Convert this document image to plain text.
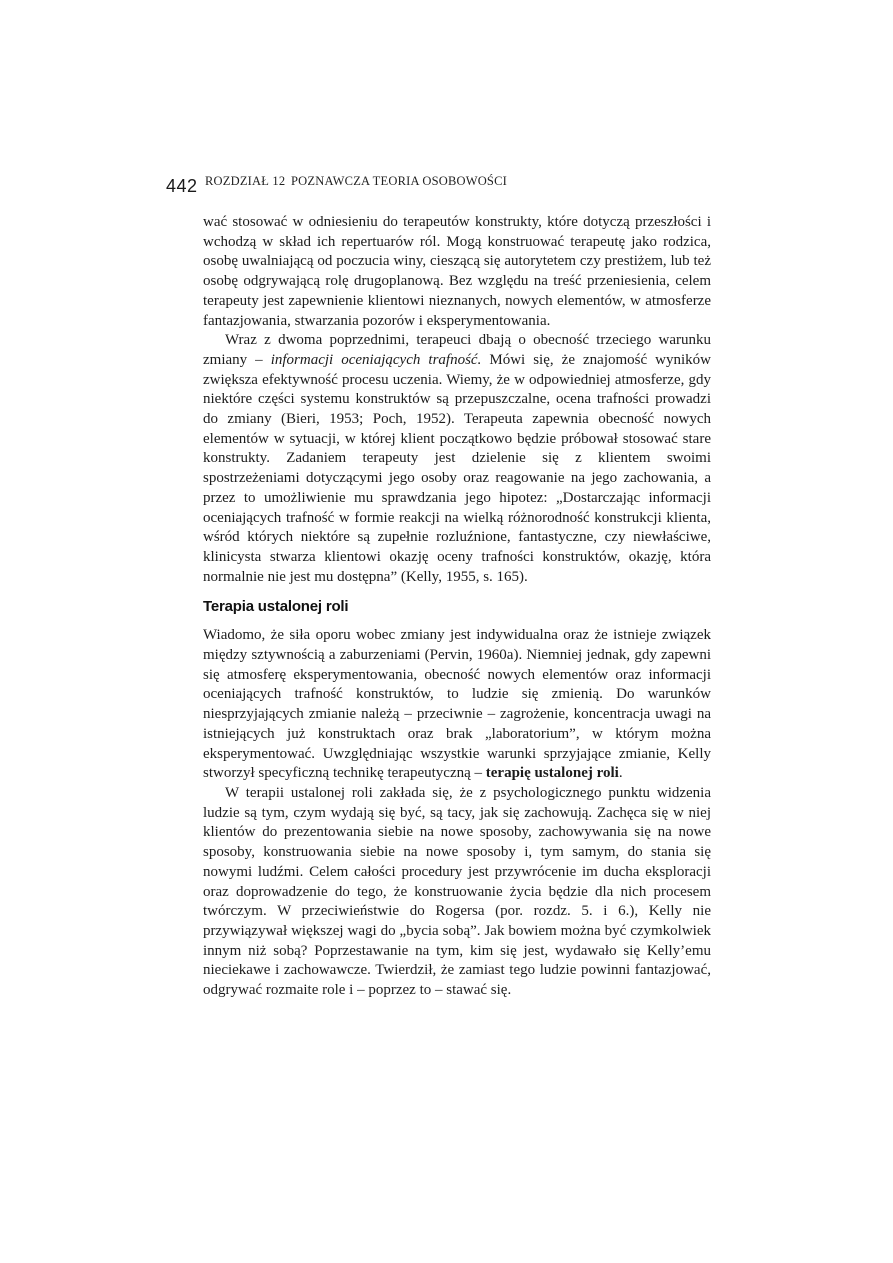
442 ROZDZIAŁ 12 POZNAWCZA TEORIA OSOBOWOŚCI

wać stosować w odniesieniu do terapeutów konstrukty, które dotyczą przeszłości i wchodzą w skład ich repertuarów ról. Mogą konstruować terapeutę jako rodzica, osobę uwalniającą od poczucia winy, cieszącą się autorytetem czy prestiżem, lub też osobę odgrywającą rolę drugoplanową. Bez względu na treść przeniesienia, celem terapeuty jest zapewnienie klientowi nieznanych, nowych elementów, w atmosferze fantazjowania, stwarzania pozorów i eksperymentowania.

Wraz z dwoma poprzednimi, terapeuci dbają o obecność trzeciego warunku zmiany – informacji oceniających trafność. Mówi się, że znajomość wyników zwiększa efektywność procesu uczenia. Wiemy, że w odpowiedniej atmosferze, gdy niektóre części systemu konstruktów są przepuszczalne, ocena trafności prowadzi do zmiany (Bieri, 1953; Poch, 1952). Terapeuta zapewnia obecność nowych elementów w sytuacji, w której klient początkowo będzie próbował stosować stare konstrukty. Zadaniem terapeuty jest dzielenie się z klientem swoimi spostrzeżeniami dotyczącymi jego osoby oraz reagowanie na jego zachowania, a przez to umożliwienie mu sprawdzania jego hipotez: „Dostarczając informacji oceniających trafność w formie reakcji na wielką różnorodność konstrukcji klienta, wśród których niektóre są zupełnie rozluźnione, fantastyczne, czy niewłaściwe, klinicysta stwarza klientowi okazję oceny trafności konstruktów, okazję, która normalnie nie jest mu dostępna” (Kelly, 1955, s. 165).

Terapia ustalonej roli

Wiadomo, że siła oporu wobec zmiany jest indywidualna oraz że istnieje związek między sztywnością a zaburzeniami (Pervin, 1960a). Niemniej jednak, gdy zapewni się atmosferę eksperymentowania, obecność nowych elementów oraz informacji oceniających trafność konstruktów, to ludzie się zmienią. Do warunków niesprzyjających zmianie należą – przeciwnie – zagrożenie, koncentracja uwagi na istniejących już konstruktach oraz brak „laboratorium”, w którym można eksperymentować. Uwzględniając wszystkie warunki sprzyjające zmianie, Kelly stworzył specyficzną technikę terapeutyczną – terapię ustalonej roli.

W terapii ustalonej roli zakłada się, że z psychologicznego punktu widzenia ludzie są tym, czym wydają się być, są tacy, jak się zachowują. Zachęca się w niej klientów do prezentowania siebie na nowe sposoby, zachowywania się na nowe sposoby, konstruowania siebie na nowe sposoby i, tym samym, do stania się nowymi ludźmi. Celem całości procedury jest przywrócenie im ducha eksploracji oraz doprowadzenie do tego, że konstruowanie życia będzie dla nich procesem twórczym. W przeciwieństwie do Rogersa (por. rozdz. 5. i 6.), Kelly nie przywiązywał większej wagi do „bycia sobą”. Jak bowiem można być czymkolwiek innym niż sobą? Poprzestawanie na tym, kim się jest, wydawało się Kelly’emu nieciekawe i zachowawcze. Twierdził, że zamiast tego ludzie powinni fantazjować, odgrywać rozmaite role i – poprzez to – stawać się.
